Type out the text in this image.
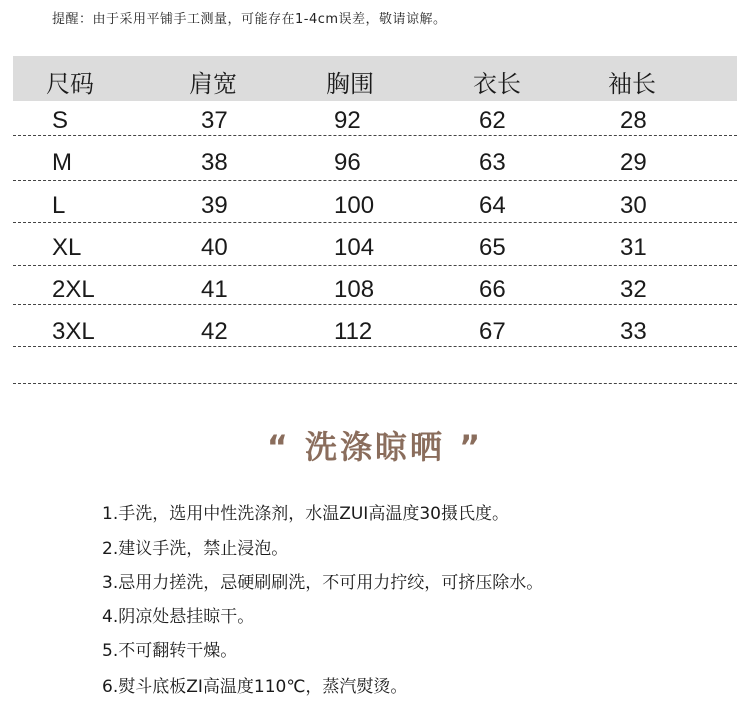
提醒：由于采用平铺手工测量，可能存在1-4cm误差，敬请谅解。
尺码	肩宽	胸围	衣长	袖长
S	37	92	62	28
M	38	96	63	29
L	39	100	64	30
XL	40	104	65	31
2XL	41	108	66	32
3XL	42	112	67	33
“ 洗涤晾晒 ”
1.手洗，选用中性洗涤剂，水温ZUI高温度30摄氏度。
2.建议手洗，禁止浸泡。
3.忌用力搓洗，忌硬刷刷洗，不可用力拧绞，可挤压除水。
4.阴凉处悬挂晾干。
5.不可翻转干燥。
6.熨斗底板ZI高温度110℃，蒸汽熨烫。
